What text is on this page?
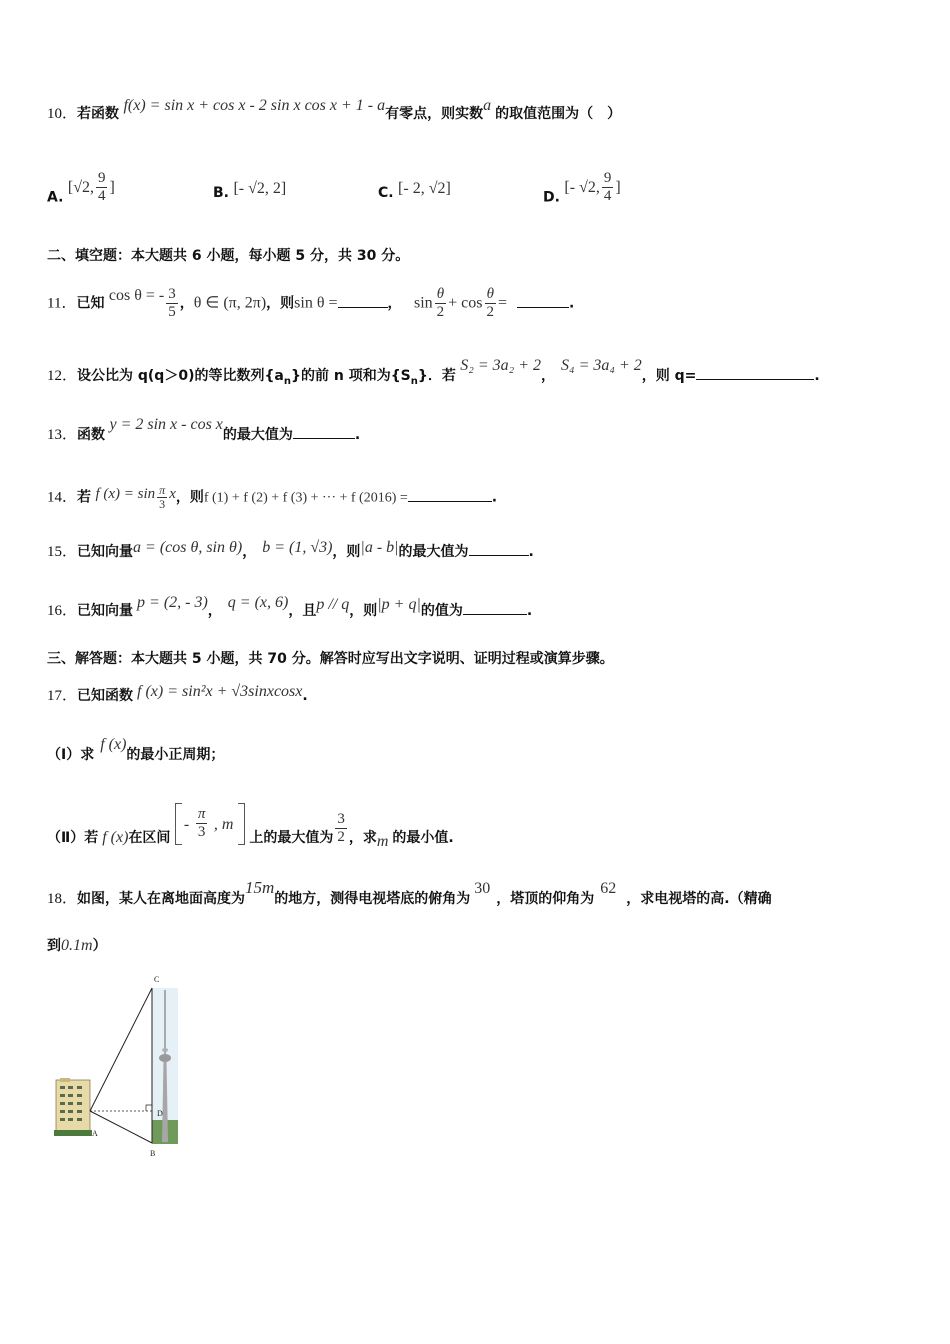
10．若函数 f(x) = sin x + cos x - 2 sin x cos x + 1 - a有零点，则实数a 的取值范围为（　）
A. [√2, $\frac{9}{4}$ ]	B. [- √2, 2]	C. [- 2, √2]
D. [- √2, $\frac{9}{4}$ ]
二、填空题：本大题共 6 小题，每小题 5 分，共 30 分。
11．已知 cos θ = - $\frac{3}{5}$ ，θ ∈ (π, 2π)，则sin θ =	， $\sin \frac{\theta}{2} + \cos \frac{\theta}{2}$ =	.
12．设公比为 q(q＞0)的等比数列$\{a_n\}$的前 n 项和为$\{S_n\}$．若 S₂ = 3a₂ + 2，S₄ = 3a₄ + 2，则 q=	.
13．函数 y = 2 sin x - cos x的最大值为	.
14．若 f $(x) = \sin \frac{\pi}{3}$ x，则f (1) + f (2) + f (3) + ··· + f (2016) =	.
15．已知向量a = (cos θ, sin θ)， b = (1, √3)，则|a - b|的最大值为	.
16．已知向量 p = (2, - 3)， q = (x, 6)，且p // q，则|p + q|的值为	.
三、解答题：本大题共 5 小题，共 70 分。解答时应写出文字说明、证明过程或演算步骤。
17．已知函数 f (x) = sin²x + √3sinxcosx.
（Ⅰ）求f (x)的最小正周期；
（Ⅱ）若 f (x)在区间
- $\frac{\pi}{3}$ , m
上的最大值为 $\frac{3}{2}$ ，求m 的最小值.
18．如图，某人在离地面高度为15m的地方，测得电视塔底的俯角为30，塔顶的仰角为62，求电视塔的高.（精确
到0.1m）
A
B
C
D
